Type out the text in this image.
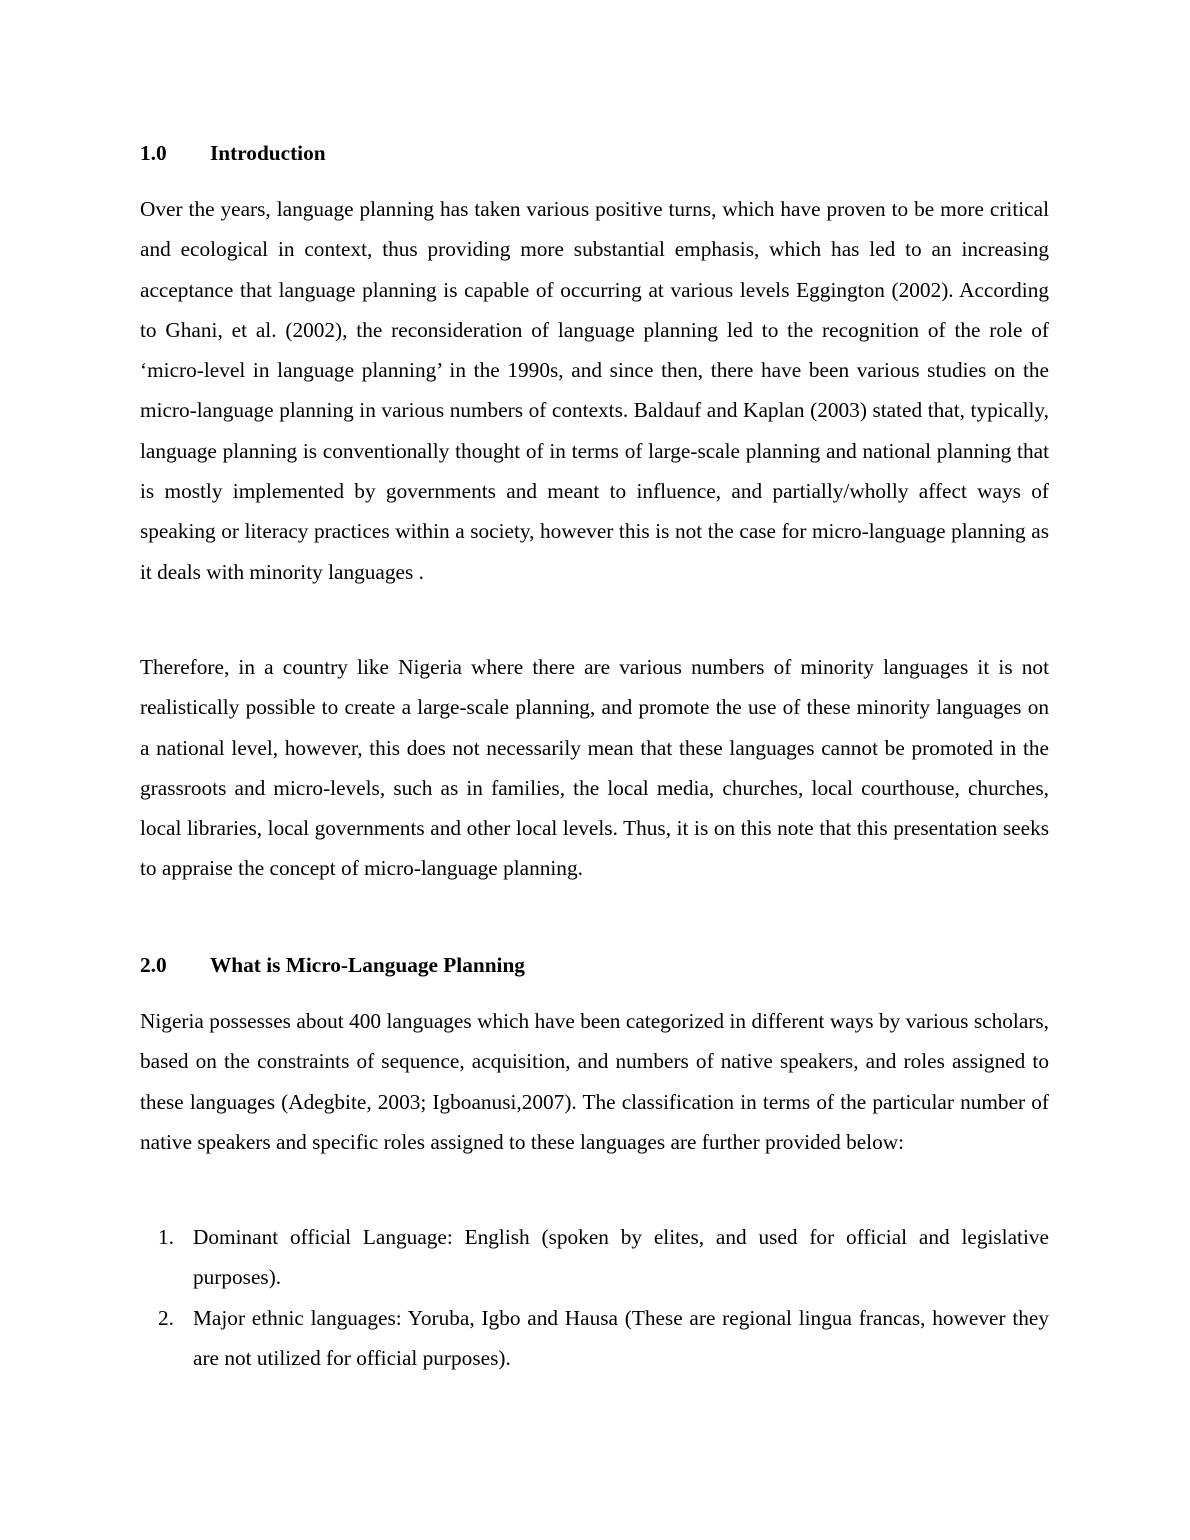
1.0 Introduction

Over the years, language planning has taken various positive turns, which have proven to be more critical and ecological in context, thus providing more substantial emphasis, which has led to an increasing acceptance that language planning is capable of occurring at various levels Eggington (2002). According to Ghani, et al. (2002), the reconsideration of language planning led to the recognition of the role of ‘micro-level in language planning’ in the 1990s, and since then, there have been various studies on the micro-language planning in various numbers of contexts. Baldauf and Kaplan (2003) stated that, typically, language planning is conventionally thought of in terms of large-scale planning and national planning that is mostly implemented by governments and meant to influence, and partially/wholly affect ways of speaking or literacy practices within a society, however this is not the case for micro-language planning as it deals with minority languages .

Therefore, in a country like Nigeria where there are various numbers of minority languages it is not realistically possible to create a large-scale planning, and promote the use of these minority languages on a national level, however, this does not necessarily mean that these languages cannot be promoted in the grassroots and micro-levels, such as in families, the local media, churches, local courthouse, churches, local libraries, local governments and other local levels. Thus, it is on this note that this presentation seeks to appraise the concept of micro-language planning.

2.0 What is Micro-Language Planning

Nigeria possesses about 400 languages which have been categorized in different ways by various scholars, based on the constraints of sequence, acquisition, and numbers of native speakers, and roles assigned to these languages (Adegbite, 2003; Igboanusi,2007). The classification in terms of the particular number of native speakers and specific roles assigned to these languages are further provided below:

1. Dominant official Language: English (spoken by elites, and used for official and legislative purposes).
2. Major ethnic languages: Yoruba, Igbo and Hausa (These are regional lingua francas, however they are not utilized for official purposes).
